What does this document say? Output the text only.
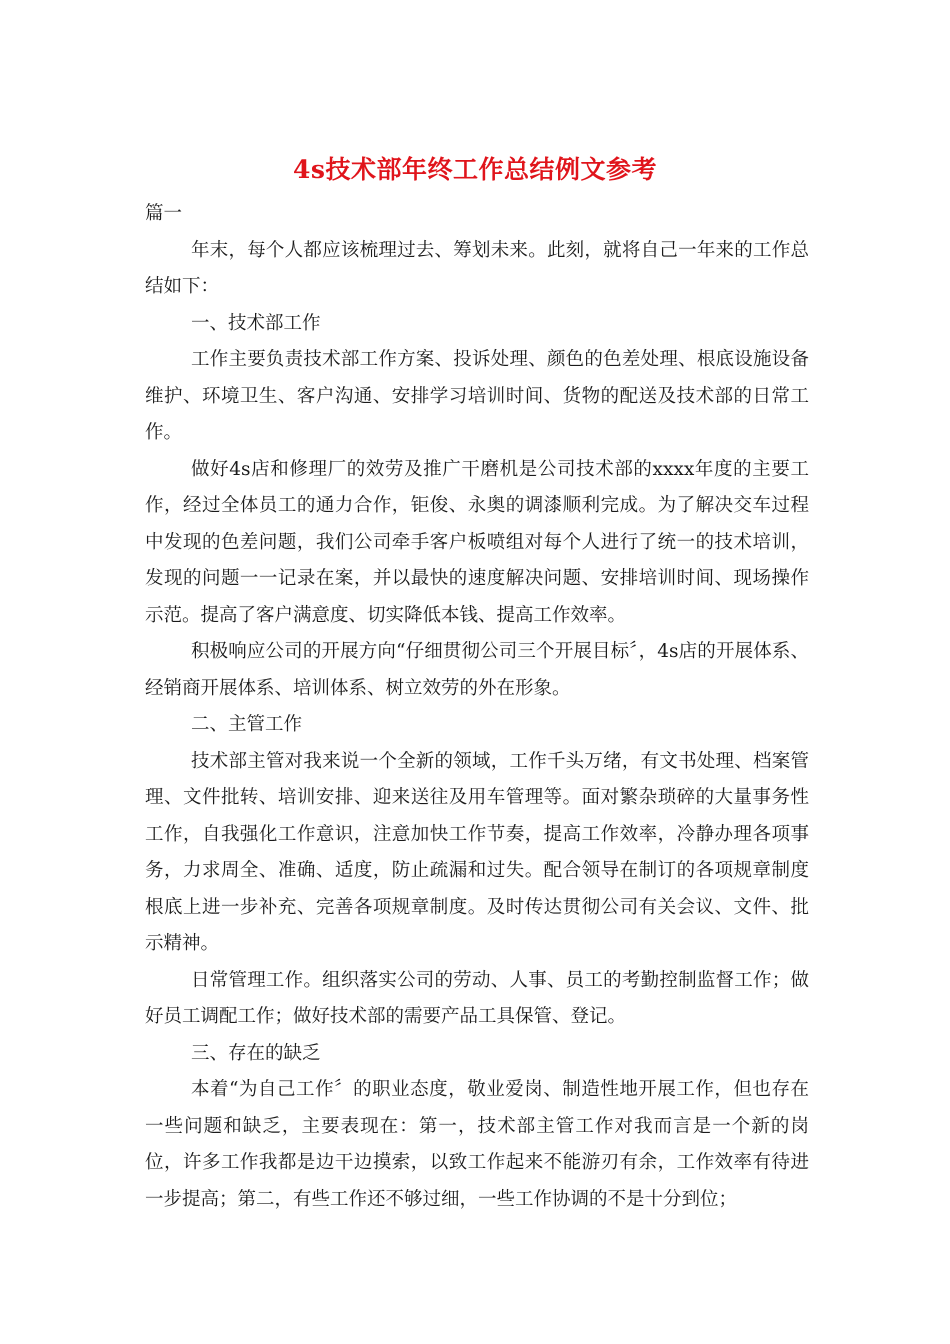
4s技术部年终工作总结例文参考

篇一

年末，每个人都应该梳理过去、筹划未来。此刻，就将自己一年来的工作总结如下：

一、技术部工作

工作主要负责技术部工作方案、投诉处理、颜色的色差处理、根底设施设备维护、环境卫生、客户沟通、安排学习培训时间、货物的配送及技术部的日常工作。

做好4s店和修理厂的效劳及推广干磨机是公司技术部的xxxx年度的主要工作，经过全体员工的通力合作，钜俊、永奥的调漆顺利完成。为了解决交车过程中发现的色差问题，我们公司牵手客户板喷组对每个人进行了统一的技术培训，发现的问题一一记录在案，并以最快的速度解决问题、安排培训时间、现场操作示范。提高了客户满意度、切实降低本钱、提高工作效率。

积极响应公司的开展方向“仔细贯彻公司三个开展目标〞，4s店的开展体系、经销商开展体系、培训体系、树立效劳的外在形象。

二、主管工作

技术部主管对我来说一个全新的领域，工作千头万绪，有文书处理、档案管理、文件批转、培训安排、迎来送往及用车管理等。面对繁杂琐碎的大量事务性工作，自我强化工作意识，注意加快工作节奏，提高工作效率，冷静办理各项事务，力求周全、准确、适度，防止疏漏和过失。配合领导在制订的各项规章制度根底上进一步补充、完善各项规章制度。及时传达贯彻公司有关会议、文件、批示精神。

日常管理工作。组织落实公司的劳动、人事、员工的考勤控制监督工作；做好员工调配工作；做好技术部的需要产品工具保管、登记。

三、存在的缺乏

本着“为自己工作〞的职业态度，敬业爱岗、制造性地开展工作，但也存在一些问题和缺乏，主要表现在：第一，技术部主管工作对我而言是一个新的岗位，许多工作我都是边干边摸索，以致工作起来不能游刃有余，工作效率有待进一步提高；第二，有些工作还不够过细，一些工作协调的不是十分到位；
